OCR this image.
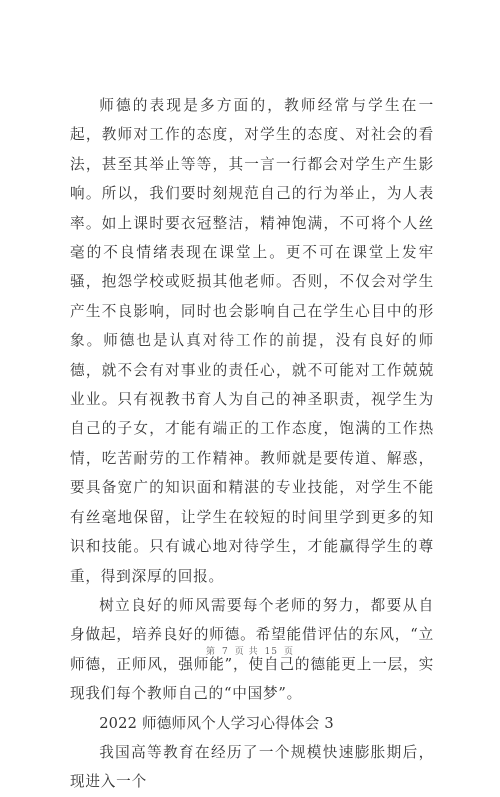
师德的表现是多方面的，教师经常与学生在一起，教师对工作的态度，对学生的态度、对社会的看法，甚至其举止等等，其一言一行都会对学生产生影响。所以，我们要时刻规范自己的行为举止，为人表率。如上课时要衣冠整洁，精神饱满，不可将个人丝毫的不良情绪表现在课堂上。更不可在课堂上发牢骚，抱怨学校或贬损其他老师。否则，不仅会对学生产生不良影响，同时也会影响自己在学生心目中的形象。师德也是认真对待工作的前提，没有良好的师德，就不会有对事业的责任心，就不可能对工作兢兢业业。只有视教书育人为自己的神圣职责，视学生为自己的子女，才能有端正的工作态度，饱满的工作热情，吃苦耐劳的工作精神。教师就是要传道、解惑，要具备宽广的知识面和精湛的专业技能，对学生不能有丝毫地保留，让学生在较短的时间里学到更多的知识和技能。只有诚心地对待学生，才能赢得学生的尊重，得到深厚的回报。

树立良好的师风需要每个老师的努力，都要从自身做起，培养良好的师德。希望能借评估的东风，“立师德，正师风，强师能”，使自己的德能更上一层，实现我们每个教师自己的“中国梦”。

2022 师德师风个人学习心得体会 3

我国高等教育在经历了一个规模快速膨胀期后，现进入一个

第 7 页 共 15 页
